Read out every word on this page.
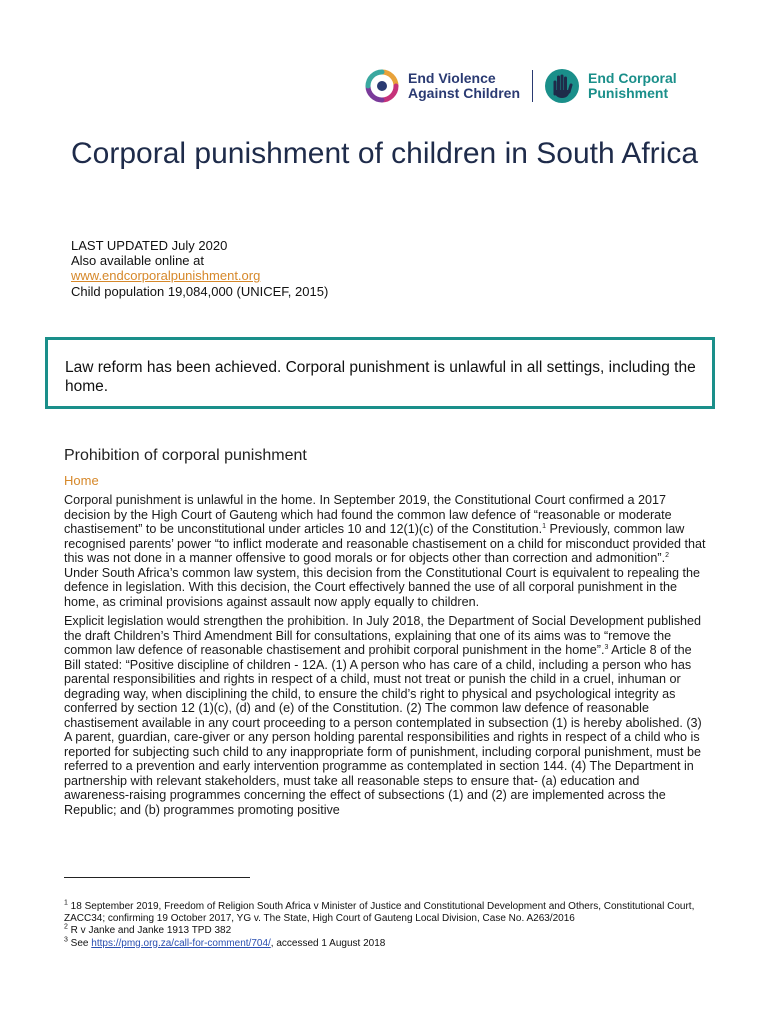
End Violence
Against Children
End Corporal
Punishment
Corporal punishment of children in South Africa
LAST UPDATED July 2020
Also available online at
www.endcorporalpunishment.org
Child population 19,084,000 (UNICEF, 2015)
Law reform has been achieved. Corporal punishment is unlawful in all settings, including the home.
Prohibition of corporal punishment
Home

Corporal punishment is unlawful in the home. In September 2019, the Constitutional Court confirmed a 2017 decision by the High Court of Gauteng which had found the common law defence of “reasonable or moderate chastisement” to be unconstitutional under articles 10 and 12(1)(c) of the Constitution.$^1$ Previously, common law recognised parents’ power “to inflict moderate and reasonable chastisement on a child for misconduct provided that this was not done in a manner offensive to good morals or for objects other than correction and admonition”.$^2$ Under South Africa’s common law system, this decision from the Constitutional Court is equivalent to repealing the defence in legislation. With this decision, the Court effectively banned the use of all corporal punishment in the home, as criminal provisions against assault now apply equally to children.

Explicit legislation would strengthen the prohibition. In July 2018, the Department of Social Development published the draft Children’s Third Amendment Bill for consultations, explaining that one of its aims was to “remove the common law defence of reasonable chastisement and prohibit corporal punishment in the home”.$^3$ Article 8 of the Bill stated: “Positive discipline of children - 12A. (1) A person who has care of a child, including a person who has parental responsibilities and rights in respect of a child, must not treat or punish the child in a cruel, inhuman or degrading way, when disciplining the child, to ensure the child’s right to physical and psychological integrity as conferred by section 12 (1)(c), (d) and (e) of the Constitution. (2) The common law defence of reasonable chastisement available in any court proceeding to a person contemplated in subsection (1) is hereby abolished. (3) A parent, guardian, care-giver or any person holding parental responsibilities and rights in respect of a child who is reported for subjecting such child to any inappropriate form of punishment, including corporal punishment, must be referred to a prevention and early intervention programme as contemplated in section 144. (4) The Department in partnership with relevant stakeholders, must take all reasonable steps to ensure that- (a) education and awareness-raising programmes concerning the effect of subsections (1) and (2) are implemented across the Republic; and (b) programmes promoting positive

$^1$ 18 September 2019, Freedom of Religion South Africa v Minister of Justice and Constitutional Development and Others, Constitutional Court, ZACC34; confirming 19 October 2017, YG v. The State, High Court of Gauteng Local Division, Case No. A263/2016
$^2$ R v Janke and Janke 1913 TPD 382
$^3$ See https://pmg.org.za/call-for-comment/704/, accessed 1 August 2018
